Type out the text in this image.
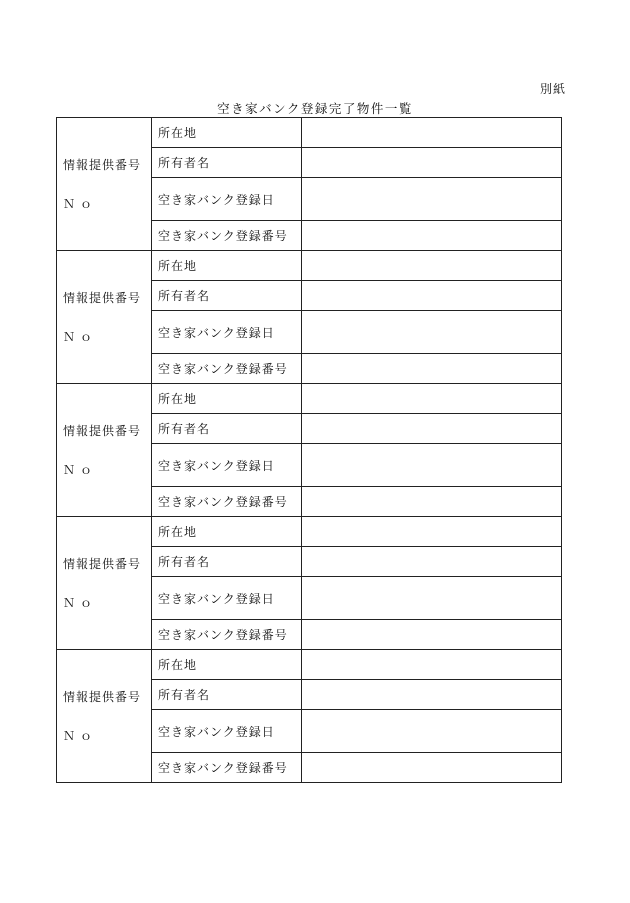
別紙
空き家バンク登録完了物件一覧
情報提供番号
Ｎｏ	所在地	
	所有者名	
	空き家バンク登録日	
	空き家バンク登録番号	

情報提供番号
Ｎｏ	所在地	
	所有者名	
	空き家バンク登録日	
	空き家バンク登録番号	

情報提供番号
Ｎｏ	所在地	
	所有者名	
	空き家バンク登録日	
	空き家バンク登録番号	

情報提供番号
Ｎｏ	所在地	
	所有者名	
	空き家バンク登録日	
	空き家バンク登録番号	

情報提供番号
Ｎｏ	所在地	
	所有者名	
	空き家バンク登録日	
	空き家バンク登録番号	
